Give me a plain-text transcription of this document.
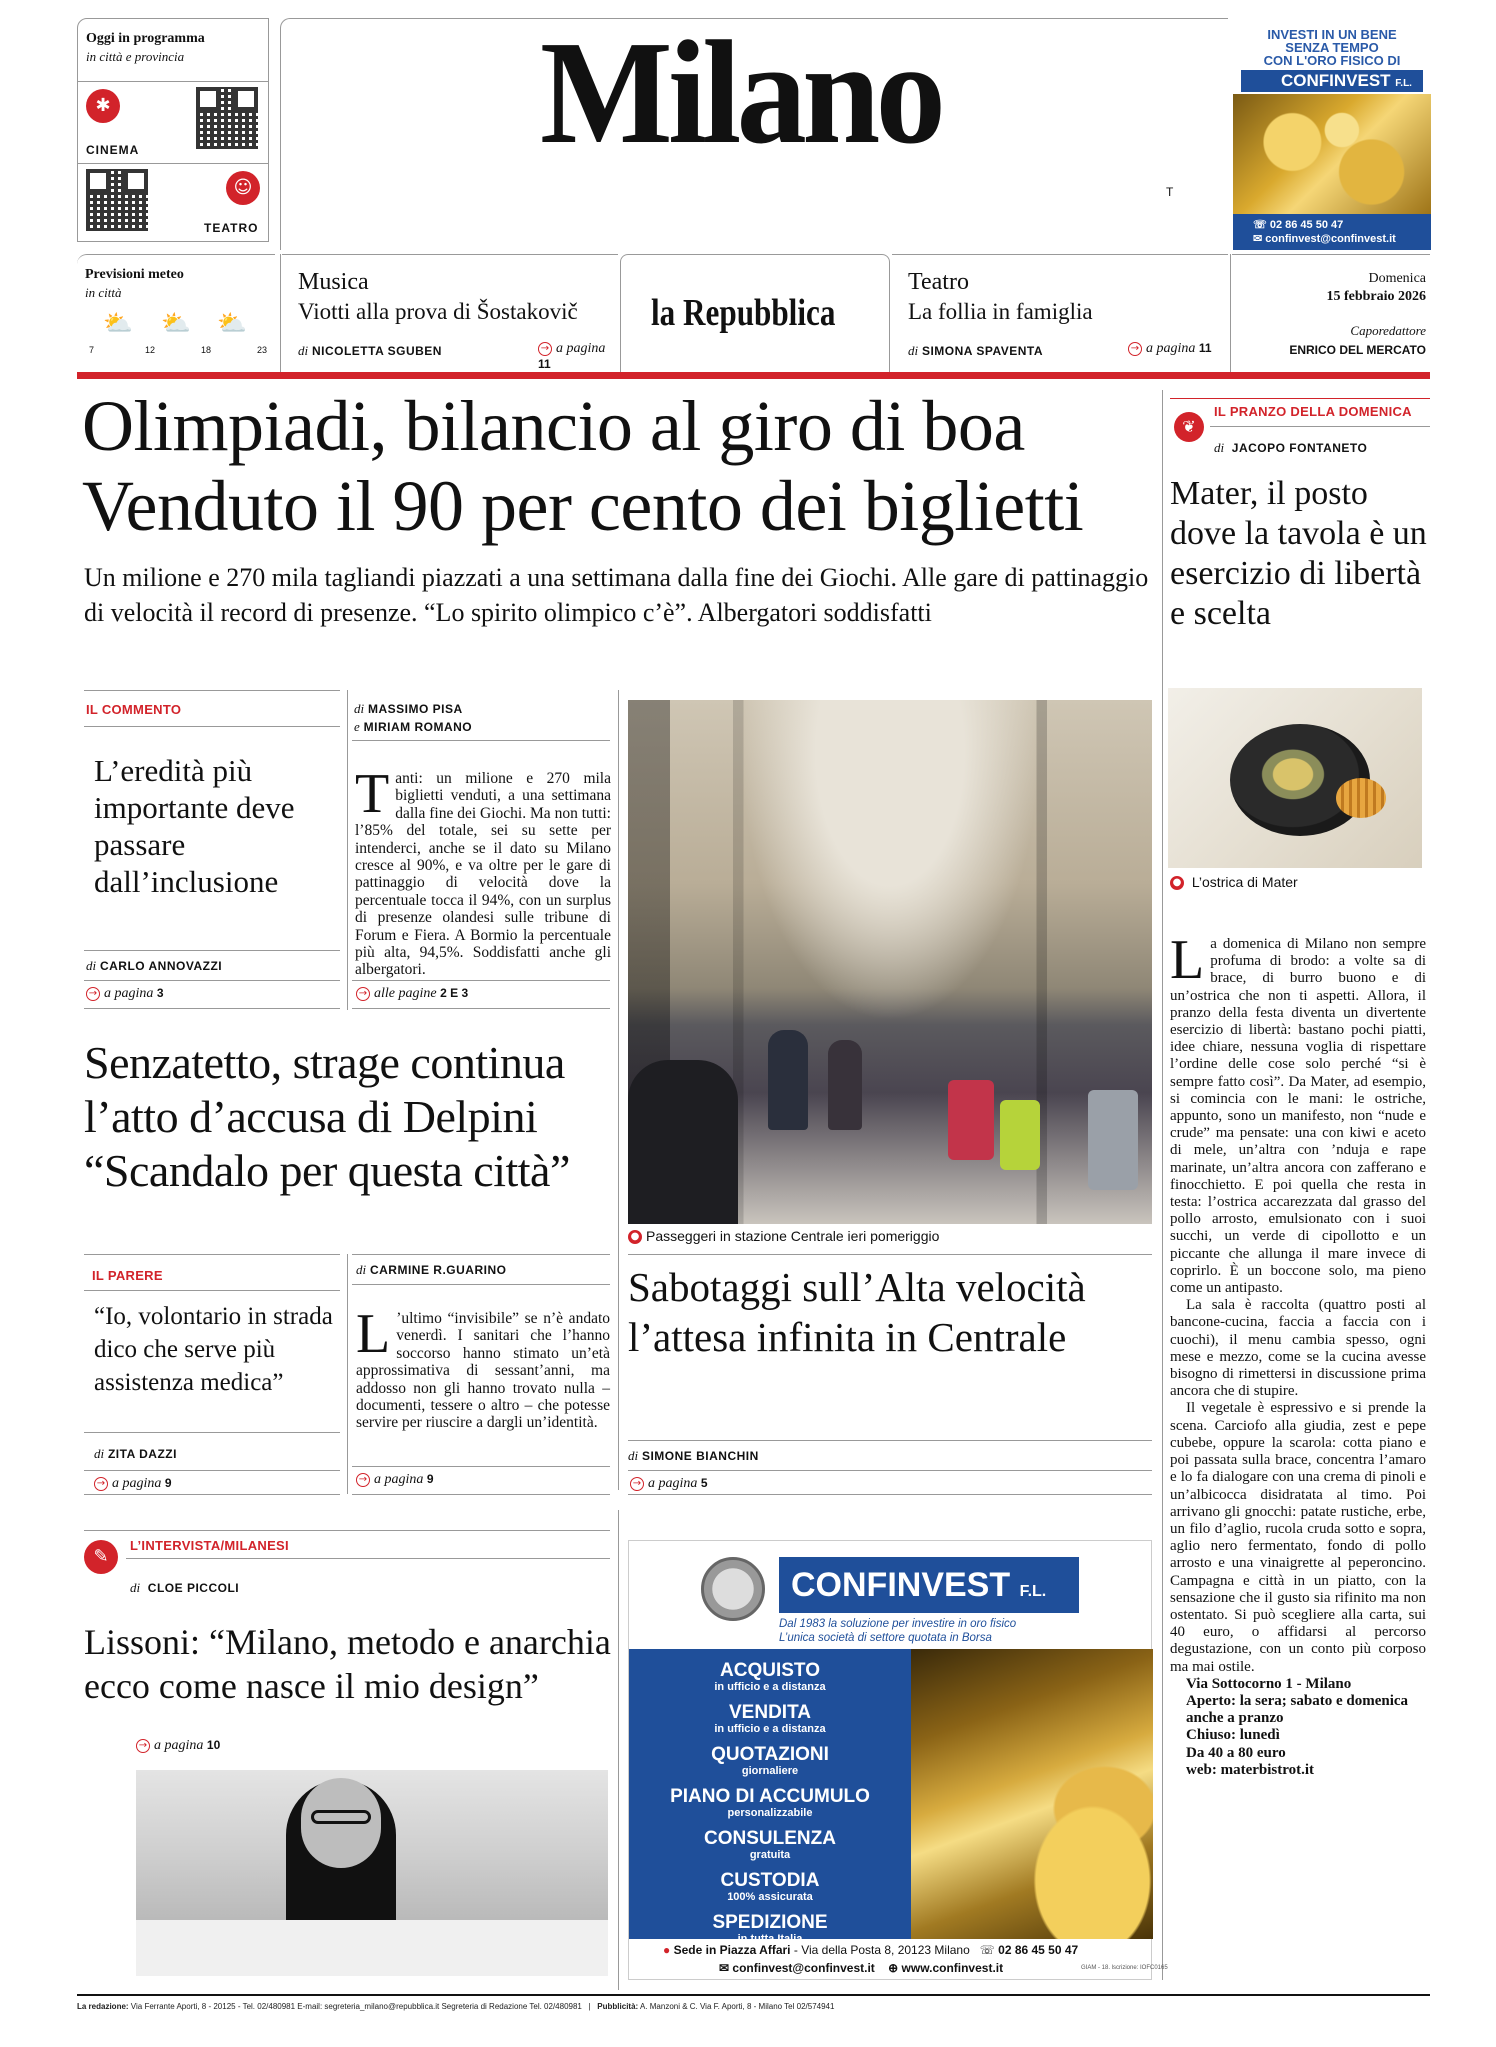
Oggi in programma
in città e provincia
✱
CINEMA
☺
TEATRO
Milano
T
INVESTI IN UN BENE
SENZA TEMPO
CON L'ORO FISICO DI
CONFINVEST F.L.
☏ 02 86 45 50 47
✉ confinvest@confinvest.it
Previsioni meteo
in città
⛅ ⛅ ⛅
7	12	18	23
Musica
Viotti alla prova di Šostakovič
di NICOLETTA SGUBEN	→ a pagina 11
la Repubblica
Teatro
La follia in famiglia
di SIMONA SPAVENTA	→ a pagina 11
Domenica
15 febbraio 2026
Caporedattore
ENRICO DEL MERCATO
Olimpiadi, bilancio al giro di boa
Venduto il 90 per cento dei biglietti
Un milione e 270 mila tagliandi piazzati a una settimana dalla fine dei Giochi. Alle gare di pattinaggio di velocità il record di presenze. “Lo spirito olimpico c’è”. Albergatori soddisfatti
IL COMMENTO
L’eredità più importante deve passare dall’inclusione
di CARLO ANNOVAZZI
→ a pagina 3
di MASSIMO PISA
e MIRIAM ROMANO
Tanti: un milione e 270 mila biglietti venduti, a una settimana dalla fine dei Giochi. Ma non tutti: l’85% del totale, sei su sette per intenderci, anche se il dato su Milano cresce al 90%, e va oltre per le gare di pattinaggio di velocità dove la percentuale tocca il 94%, con un surplus di presenze olandesi sulle tribune di Forum e Fiera. A Bormio la percentuale più alta, 94,5%. Soddisfatti anche gli albergatori.
→ alle pagine 2 E 3
● Passeggeri in stazione Centrale ieri pomeriggio
Senzatetto, strage continua
l’atto d’accusa di Delpini
“Scandalo per questa città”
IL PARERE
“Io, volontario in strada dico che serve più assistenza medica”
di ZITA DAZZI
→ a pagina 9
di CARMINE R.GUARINO
L ’ultimo “invisibile” se n’è andato venerdì. I sanitari che l’hanno soccorso hanno stimato un’età approssimativa di sessant’anni, ma addosso non gli hanno trovato nulla – documenti, tessere o altro – che potesse servire per riuscire a dargli un’identità.
→ a pagina 9
Sabotaggi sull’Alta velocità l’attesa infinita in Centrale
di SIMONE BIANCHIN
→ a pagina 5
✎
L’INTERVISTA/MILANESI
di CLOE PICCOLI
Lissoni: “Milano, metodo e anarchia ecco come nasce il mio design”
→ a pagina 10
CONFINVEST F.L.
Dal 1983 la soluzione per investire in oro fisico
L’unica società di settore quotata in Borsa
ACQUISTO
in ufficio e a distanza
VENDITA
in ufficio e a distanza
QUOTAZIONI
giornaliere
PIANO DI ACCUMULO
personalizzabile
CONSULENZA
gratuita
CUSTODIA
100% assicurata
SPEDIZIONE
in tutta Italia
● Sede in Piazza Affari - Via della Posta 8, 20123 Milano ☏ 02 86 45 50 47
✉ confinvest@confinvest.it ⊕ www.confinvest.it	GIAM - 18. lscrizione: IOFC0165
❦
IL PRANZO DELLA DOMENICA
di JACOPO FONTANETO
Mater, il posto dove la tavola è un esercizio di libertà e scelta
● L’ostrica di Mater
La domenica di Milano non sempre profuma di brodo: a volte sa di brace, di burro buono e di un’ostrica che non ti aspetti. Allora, il pranzo della festa diventa un divertente esercizio di libertà: bastano pochi piatti, idee chiare, nessuna voglia di rispettare l’ordine delle cose solo perché “si è sempre fatto così”. Da Mater, ad esempio, si comincia con le mani: le ostriche, appunto, sono un manifesto, non “nude e crude” ma pensate: una con kiwi e aceto di mele, un’altra con ’nduja e rape marinate, un’altra ancora con zafferano e finocchietto. E poi quella che resta in testa: l’ostrica accarezzata dal grasso del pollo arrosto, emulsionato con i suoi succhi, un verde di cipollotto e un piccante che allunga il mare invece di coprirlo. È un boccone solo, ma pieno come un antipasto.
La sala è raccolta (quattro posti al bancone-cucina, faccia a faccia con i cuochi), il menu cambia spesso, ogni mese e mezzo, come se la cucina avesse bisogno di rimettersi in discussione prima ancora che di stupire.
Il vegetale è espressivo e si prende la scena. Carciofo alla giudia, zest e pepe cubebe, oppure la scarola: cotta piano e poi passata sulla brace, concentra l’amaro e lo fa dialogare con una crema di pinoli e un’albicocca disidratata al timo. Poi arrivano gli gnocchi: patate rustiche, erbe, un filo d’aglio, rucola cruda sotto e sopra, aglio nero fermentato, fondo di pollo arrosto e una vinaigrette al peperoncino. Campagna e città in un piatto, con la sensazione che il gusto sia rifinito ma non ostentato. Si può scegliere alla carta, sui 40 euro, o affidarsi al percorso degustazione, con un conto più corposo ma mai ostile.
Via Sottocorno 1 - Milano
Aperto: la sera; sabato e domenica anche a pranzo
Chiuso: lunedì
Da 40 a 80 euro
web: materbistrot.it
La redazione: Via Ferrante Aporti, 8 - 20125 - Tel. 02/480981 E-mail: segreteria_milano@repubblica.it Segreteria di Redazione Tel. 02/480981   |   Pubblicità: A. Manzoni & C. Via F. Aporti, 8 - Milano Tel 02/574941
